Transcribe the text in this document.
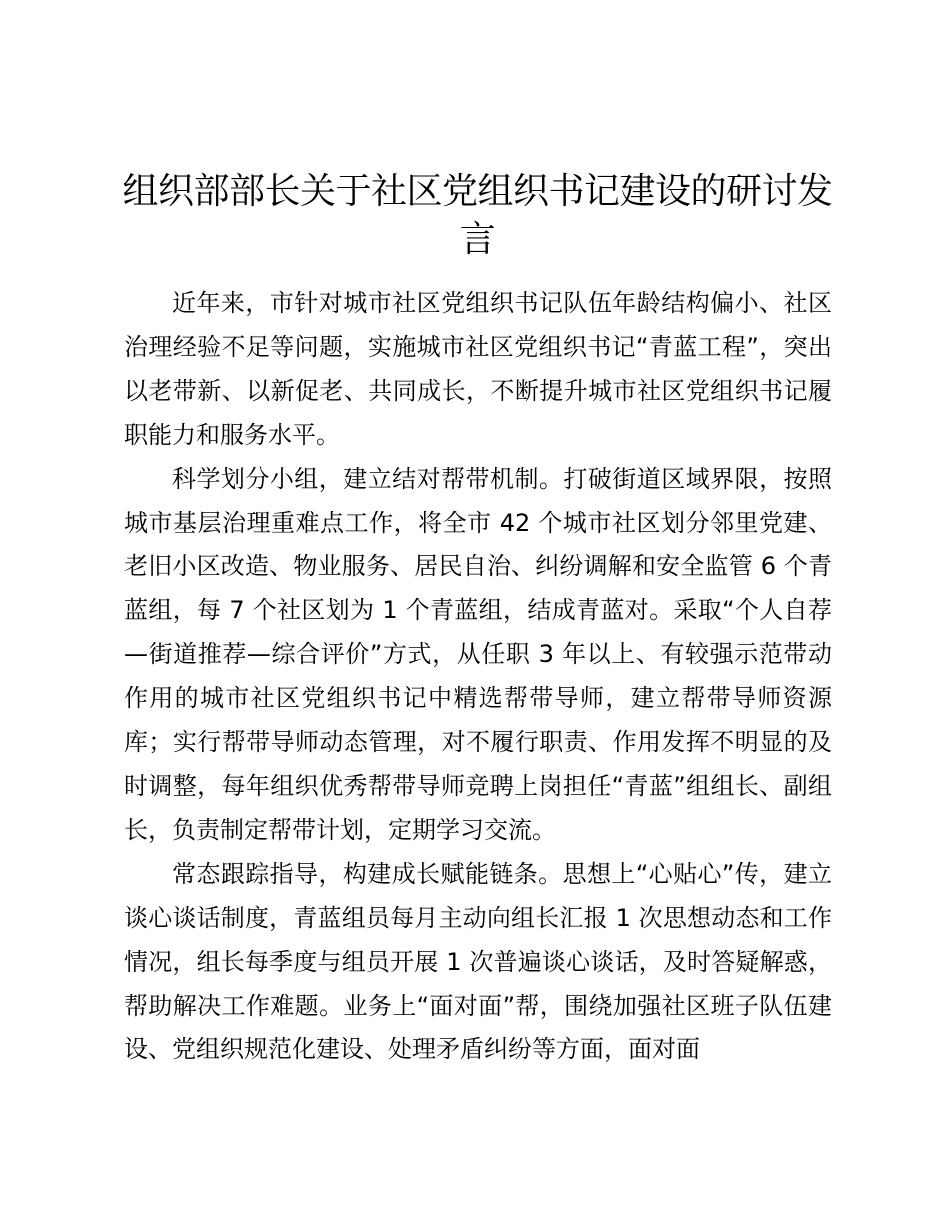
组织部部长关于社区党组织书记建设的研讨发言

近年来，市针对城市社区党组织书记队伍年龄结构偏小、社区治理经验不足等问题，实施城市社区党组织书记“青蓝工程”，突出以老带新、以新促老、共同成长，不断提升城市社区党组织书记履职能力和服务水平。

科学划分小组，建立结对帮带机制。打破街道区域界限，按照城市基层治理重难点工作，将全市 42 个城市社区划分邻里党建、老旧小区改造、物业服务、居民自治、纠纷调解和安全监管 6 个青蓝组，每 7 个社区划为 1 个青蓝组，结成青蓝对。采取“个人自荐—街道推荐—综合评价”方式，从任职 3 年以上、有较强示范带动作用的城市社区党组织书记中精选帮带导师，建立帮带导师资源库；实行帮带导师动态管理，对不履行职责、作用发挥不明显的及时调整，每年组织优秀帮带导师竞聘上岗担任“青蓝”组组长、副组长，负责制定帮带计划，定期学习交流。

常态跟踪指导，构建成长赋能链条。思想上“心贴心”传，建立谈心谈话制度，青蓝组员每月主动向组长汇报 1 次思想动态和工作情况，组长每季度与组员开展 1 次普遍谈心谈话，及时答疑解惑，帮助解决工作难题。业务上“面对面”帮，围绕加强社区班子队伍建设、党组织规范化建设、处理矛盾纠纷等方面，面对面
